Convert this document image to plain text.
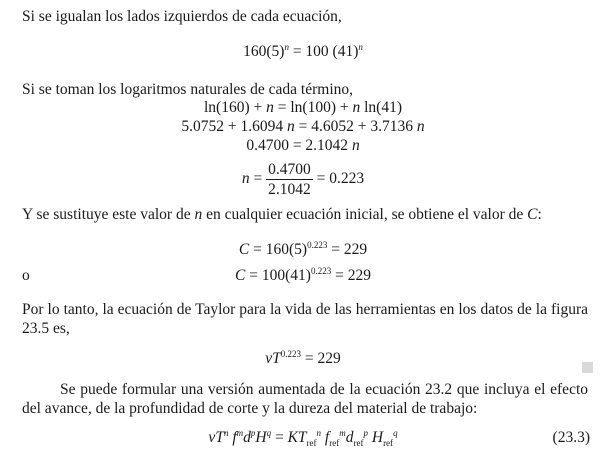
Si se igualan los lados izquierdos de cada ecuación,
$160(5)^n = 100$ $(41)^n$
Si se toman los logaritmos naturales de cada término,
ln(160) + n = ln(100) + n ln(41)
5.0752 + 1.6094 n = 4.6052 + 3.7136 n
0.4700 = 2.1042 n
$n = \frac{0.4700}{2.1042} = 0.223$
Y se sustituye este valor de n en cualquier ecuación inicial, se obtiene el valor de C:
$C = 160(5)^{0.223} = 229$
o	$C = 100(41)^{0.223} = 229$
Por lo tanto, la ecuación de Taylor para la vida de las herramientas en los datos de la figura
23.5 es,
$vT^{0.223} = 229$
Se puede formular una versión aumentada de la ecuación 23.2 que incluya el efecto
del avance, de la profundidad de corte y la dureza del material de trabajo:
$vT^n$ $f^md^pH^q = KT_{ref}^n$ $f_{ref}^md_{ref}^p$ $H_{ref}^q$	(23.3)
